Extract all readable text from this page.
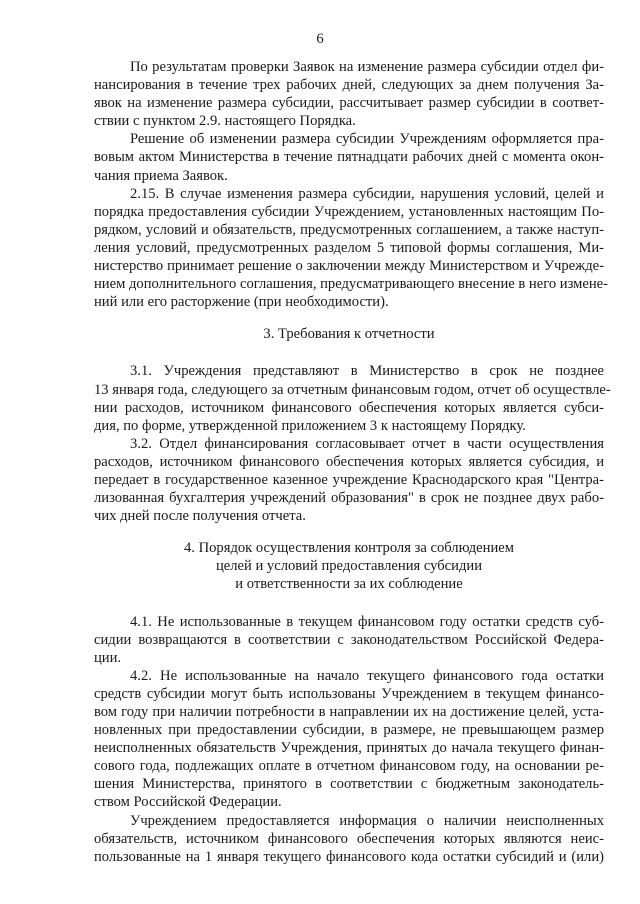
6
По результатам проверки Заявок на изменение размера субсидии отдел фи-
нансирования в течение трех рабочих дней, следующих за днем получения За-
явок на изменение размера субсидии, рассчитывает размер субсидии в соответ-
ствии с пунктом 2.9. настоящего Порядка.
Решение об изменении размера субсидии Учреждениям оформляется пра-
вовым актом Министерства в течение пятнадцати рабочих дней с момента окон-
чания приема Заявок.
2.15. В случае изменения размера субсидии, нарушения условий, целей и
порядка предоставления субсидии Учреждением, установленных настоящим По-
рядком, условий и обязательств, предусмотренных соглашением, а также наступ-
ления условий, предусмотренных разделом 5 типовой формы соглашения, Ми-
нистерство принимает решение о заключении между Министерством и Учрежде-
нием дополнительного соглашения, предусматривающего внесение в него измене-
ний или его расторжение (при необходимости).
3. Требования к отчетности
3.1. Учреждения представляют в Министерство в срок не позднее
13 января года, следующего за отчетным финансовым годом, отчет об осуществле-
нии расходов, источником финансового обеспечения которых является субси-
дия, по форме, утвержденной приложением 3 к настоящему Порядку.
3.2. Отдел финансирования согласовывает отчет в части осуществления
расходов, источником финансового обеспечения которых является субсидия, и
передает в государственное казенное учреждение Краснодарского края "Центра-
лизованная бухгалтерия учреждений образования" в срок не позднее двух рабо-
чих дней после получения отчета.
4. Порядок осуществления контроля за соблюдением
целей и условий предоставления субсидии
и ответственности за их соблюдение
4.1. Не использованные в текущем финансовом году остатки средств суб-
сидии возвращаются в соответствии с законодательством Российской Федера-
ции.
4.2. Не использованные на начало текущего финансового года остатки
средств субсидии могут быть использованы Учреждением в текущем финансо-
вом году при наличии потребности в направлении их на достижение целей, уста-
новленных при предоставлении субсидии, в размере, не превышающем размер
неисполненных обязательств Учреждения, принятых до начала текущего финан-
сового года, подлежащих оплате в отчетном финансовом году, на основании ре-
шения Министерства, принятого в соответствии с бюджетным законодатель-
ством Российской Федерации.
Учреждением предоставляется информация о наличии неисполненных
обязательств, источником финансового обеспечения которых являются неис-
пользованные на 1 января текущего финансового кода остатки субсидий и (или)
